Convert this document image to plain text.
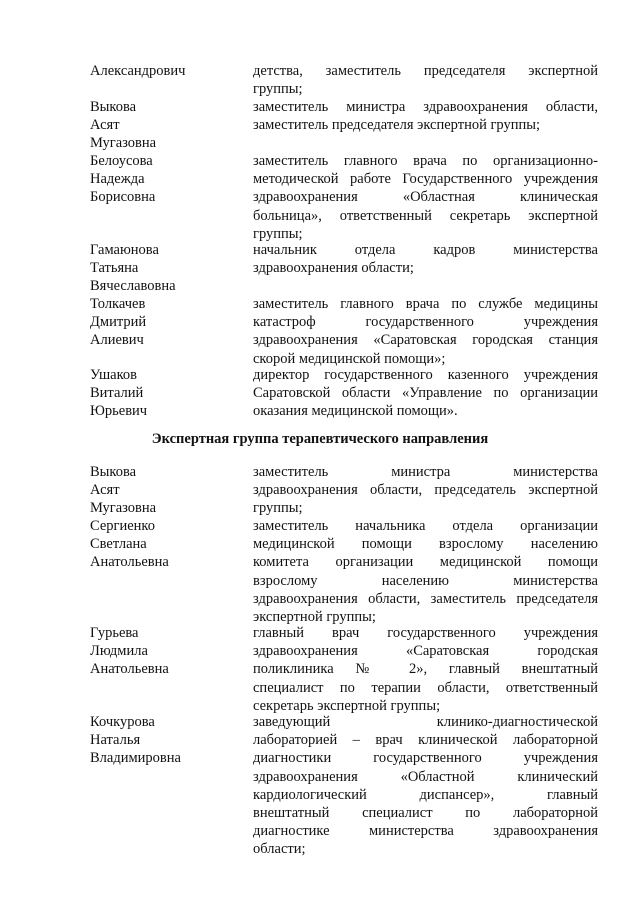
Александрович	детства, заместитель председателя экспертной
группы;
Выкова
Асят
Мугазовна
заместитель министра здравоохранения области,
заместитель председателя экспертной группы;
Белоусова
Надежда
Борисовна
заместитель главного врача по организационно-
методической работе Государственного учреждения
здравоохранения «Областная клиническая
больница», ответственный секретарь экспертной
группы;
Гамаюнова
Татьяна
Вячеславовна
начальник отдела кадров министерства
здравоохранения области;
Толкачев
Дмитрий
Алиевич
заместитель главного врача по службе медицины
катастроф государственного учреждения
здравоохранения «Саратовская городская станция
скорой медицинской помощи»;
Ушаков
Виталий
Юрьевич
директор государственного казенного учреждения
Саратовской области «Управление по организации
оказания медицинской помощи».
Экспертная группа терапевтического направления
Выкова
Асят
Мугазовна
заместитель министра министерства
здравоохранения области, председатель экспертной
группы;
Сергиенко
Светлана
Анатольевна
заместитель начальника отдела организации
медицинской помощи взрослому населению
комитета организации медицинской помощи
взрослому населению министерства
здравоохранения области, заместитель председателя
экспертной группы;
Гурьева
Людмила
Анатольевна
главный врач государственного учреждения
здравоохранения «Саратовская городская
поликлиника № 2», главный внештатный
специалист по терапии области, ответственный
секретарь экспертной группы;
Кочкурова
Наталья
Владимировна
заведующий клинико-диагностической
лабораторией – врач клинической лабораторной
диагностики государственного учреждения
здравоохранения «Областной клинический
кардиологический диспансер», главный
внештатный специалист по лабораторной
диагностике министерства здравоохранения
области;
